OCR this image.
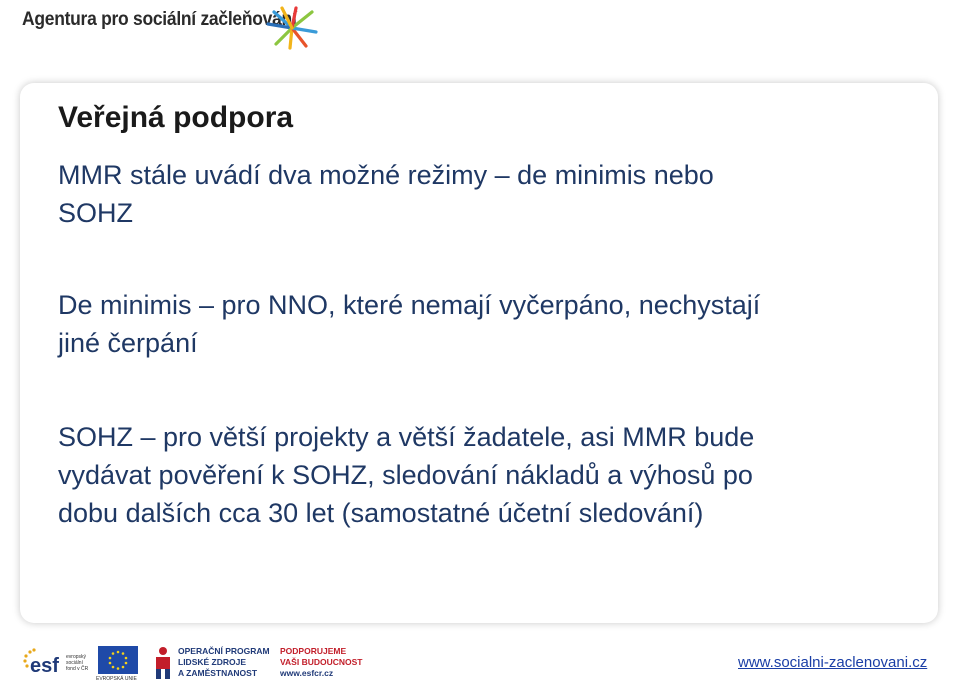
Agentura pro sociální začleňování
Veřejná podpora
MMR stále uvádí dva možné režimy – de minimis nebo
SOHZ
De minimis – pro NNO, které nemají vyčerpáno, nechystají
jiné čerpání
SOHZ – pro větší projekty a větší žadatele, asi MMR bude
vydávat pověření k SOHZ, sledování nákladů a výhosů po
dobu dalších cca 30 let (samostatné účetní sledování)
esf evropský
sociální
fond v ČR
EVROPSKÁ UNIE
OPERAČNÍ PROGRAM
LIDSKÉ ZDROJE
A ZAMĚSTNANOST
PODPORUJEME
VAŠI BUDOUCNOST
www.esfcr.cz
www.socialni-zaclenovani.cz
